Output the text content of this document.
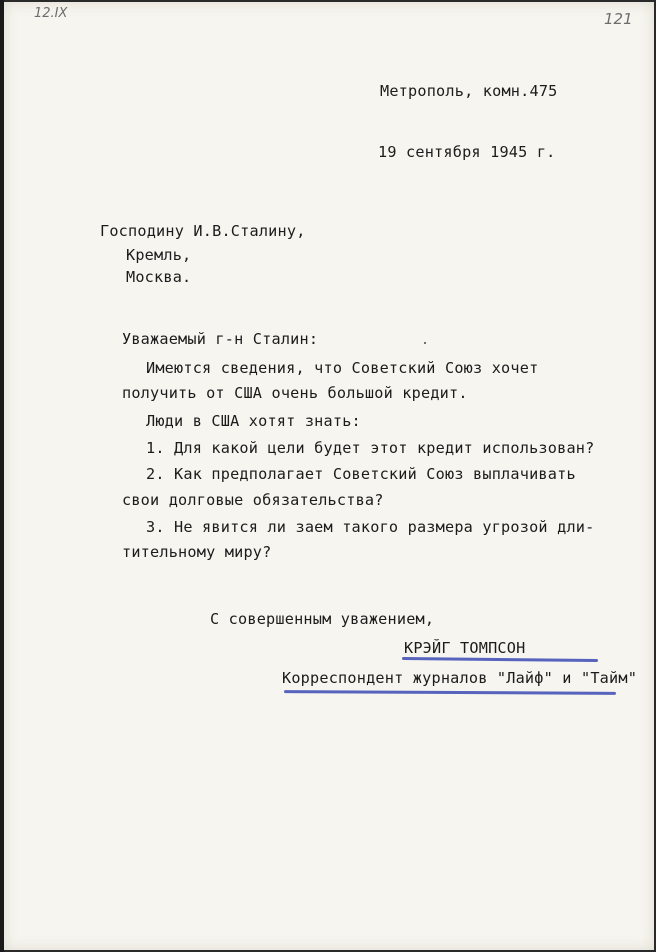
12.IX	121
Метрополь, комн.475
19 сентября 1945 г.
Господину И.В.Сталину,
Кремль,
Москва.
Уважаемый г-н Сталин:
Имеются сведения, что Советский Союз хочет
получить от США очень большой кредит.
Люди в США хотят знать:
1. Для какой цели будет этот кредит использован?
2. Как предполагает Советский Союз выплачивать
свои долговые обязательства?
3. Не явится ли заем такого размера угрозой дли-
тительному миру?
С совершенным уважением,
КРЭЙГ ТОМПСОН
Корреспондент журналов "Лайф" и "Тайм"
